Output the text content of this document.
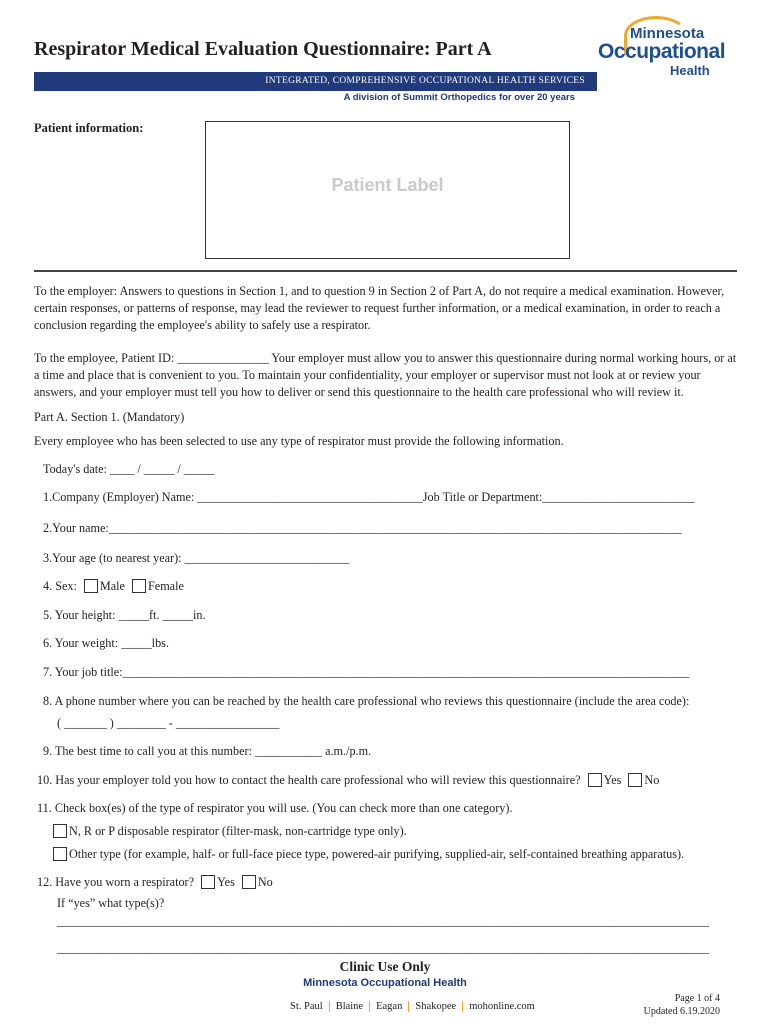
Respirator Medical Evaluation Questionnaire: Part A
Minnesota
Occupational
Health
INTEGRATED, COMPREHENSIVE OCCUPATIONAL HEALTH SERVICES
A division of Summit Orthopedics for over 20 years
Patient information:
Patient Label
To the employer: Answers to questions in Section 1, and to question 9 in Section 2 of Part A, do not require a medical examination. However, certain responses, or patterns of response, may lead the reviewer to request further information, or a medical examination, in order to reach a conclusion regarding the employee's ability to safely use a respirator.
To the employee, Patient ID: _______________ Your employer must allow you to answer this questionnaire during normal working hours, or at a time and place that is convenient to you. To maintain your confidentiality, your employer or supervisor must not look at or review your answers, and your employer must tell you how to deliver or send this questionnaire to the health care professional who will review it.
Part A. Section 1. (Mandatory)
Every employee who has been selected to use any type of respirator must provide the following information.
Today's date: ____ / _____ / _____
1.Company (Employer) Name: _____________________________________Job Title or Department:_________________________
2.Your name:______________________________________________________________________________________________
3.Your age (to nearest year): ___________________________
4. Sex: Male Female
5. Your height: _____ft. _____in.
6. Your weight: _____lbs.
7. Your job title:_____________________________________________________________________________________________
8. A phone number where you can be reached by the health care professional who reviews this questionnaire (include the area code):
( _______ ) ________ - _________________
9. The best time to call you at this number: ___________ a.m./p.m.
10. Has your employer told you how to contact the health care professional who will review this questionnaire? Yes No
11. Check box(es) of the type of respirator you will use. (You can check more than one category).
N, R or P disposable respirator (filter-mask, non-cartridge type only).
Other type (for example, half- or full-face piece type, powered-air purifying, supplied-air, self-contained breathing apparatus).
12. Have you worn a respirator? Yes No
If “yes” what type(s)?
___________________________________________________________________________________________________________
___________________________________________________________________________________________________________
Clinic Use Only
Minnesota Occupational Health
St. Paul Blaine Eagan Shakopee mohonline.com
Page 1 of 4
Updated 6.19.2020
